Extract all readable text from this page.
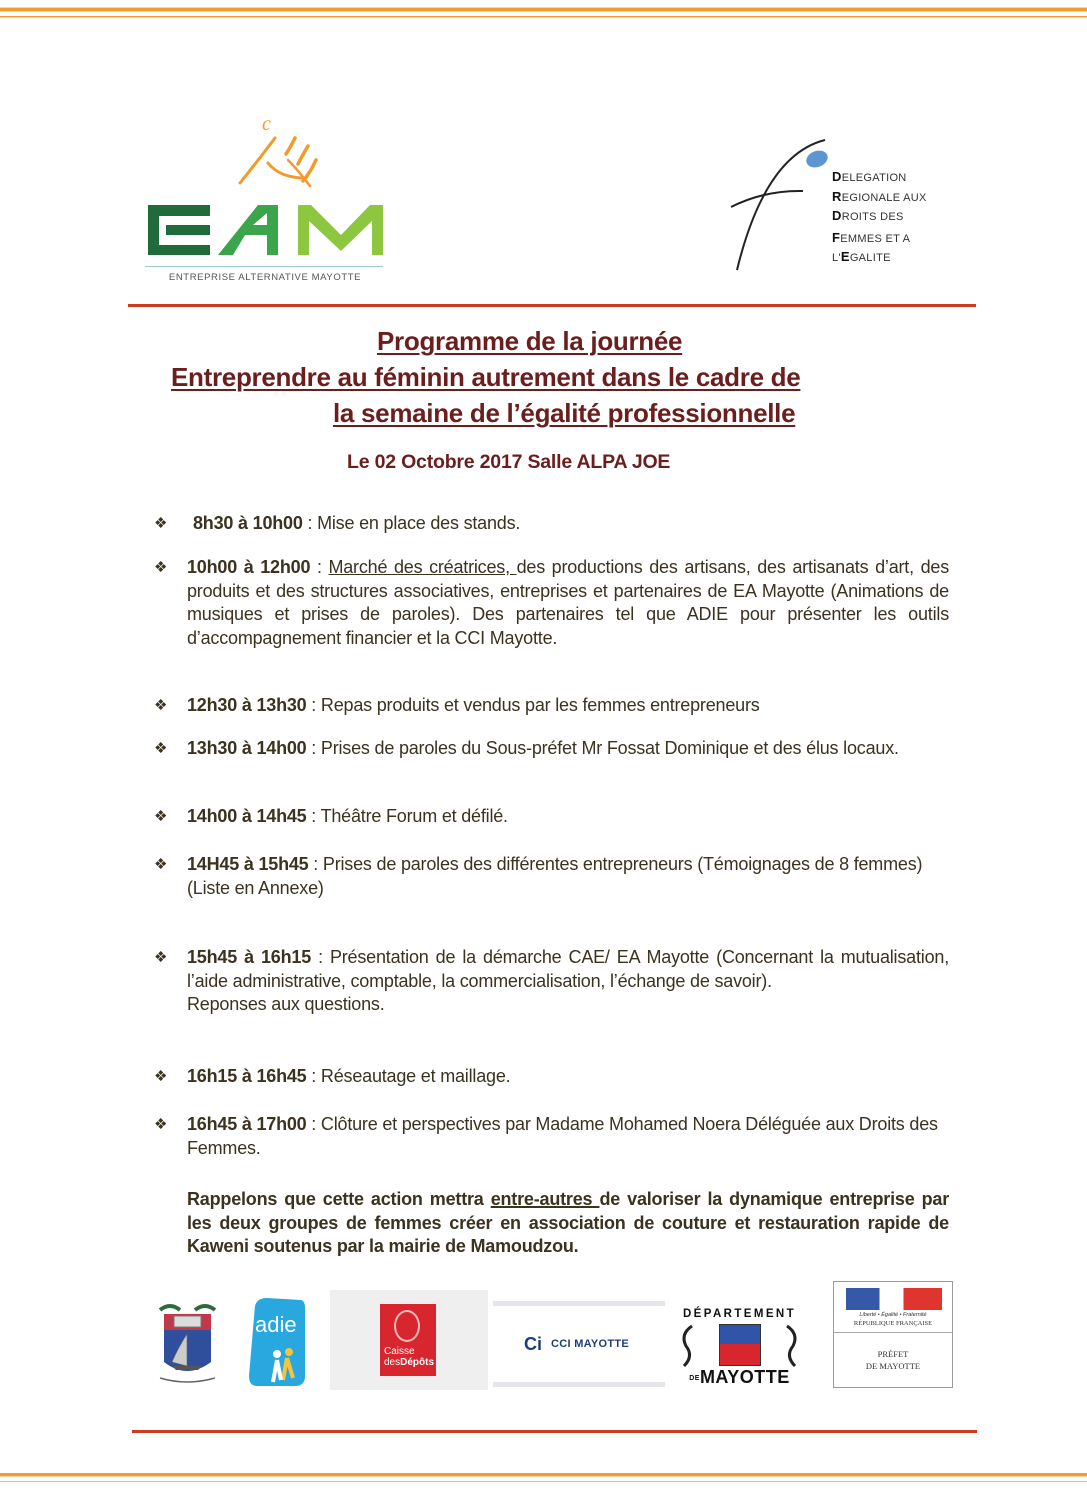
c
ENTREPRISE ALTERNATIVE MAYOTTE
DELEGATION
REGIONALE AUX
DROITS DES
FEMMES ET A
L'EGALITE
Programme de la journée
Entreprendre au féminin autrement dans le cadre de
la semaine de l’égalité professionnelle
Le 02 Octobre 2017 Salle ALPA JOE
❖ 8h30 à 10h00 : Mise en place des stands.
❖ 10h00 à 12h00 : Marché des créatrices, des productions des artisans, des artisanats d’art, des produits et des structures associatives, entreprises et partenaires de EA Mayotte (Animations de musiques et prises de paroles). Des partenaires tel que ADIE pour présenter les outils d’accompagnement financier et la CCI Mayotte.
❖ 12h30 à 13h30 : Repas produits et vendus par les femmes entrepreneurs
❖ 13h30 à 14h00 : Prises de paroles du Sous-préfet Mr Fossat Dominique et des élus locaux.
❖ 14h00 à 14h45 : Théâtre Forum et défilé.
❖ 14H45 à 15h45 : Prises de paroles des différentes entrepreneurs (Témoignages de 8 femmes)
(Liste en Annexe)
❖ 15h45 à 16h15 : Présentation de la démarche CAE/ EA Mayotte (Concernant la mutualisation, l’aide administrative, comptable, la commercialisation, l’échange de savoir).
Reponses aux questions.
❖ 16h15 à 16h45 : Réseautage et maillage.
❖ 16h45 à 17h00 : Clôture et perspectives par Madame Mohamed Noera Déléguée aux Droits des Femmes.
Rappelons que cette action mettra entre-autres de valoriser la dynamique entreprise par les deux groupes de femmes créer en association de couture et restauration rapide de Kaweni soutenus par la mairie de Mamoudzou.
adie
Caisse
desDépôts
Ci CCI MAYOTTE
DÉPARTEMENT
DEMAYOTTE
Liberté • Égalité • Fraternité
RÉPUBLIQUE FRANÇAISE
PRÉFET
DE MAYOTTE
